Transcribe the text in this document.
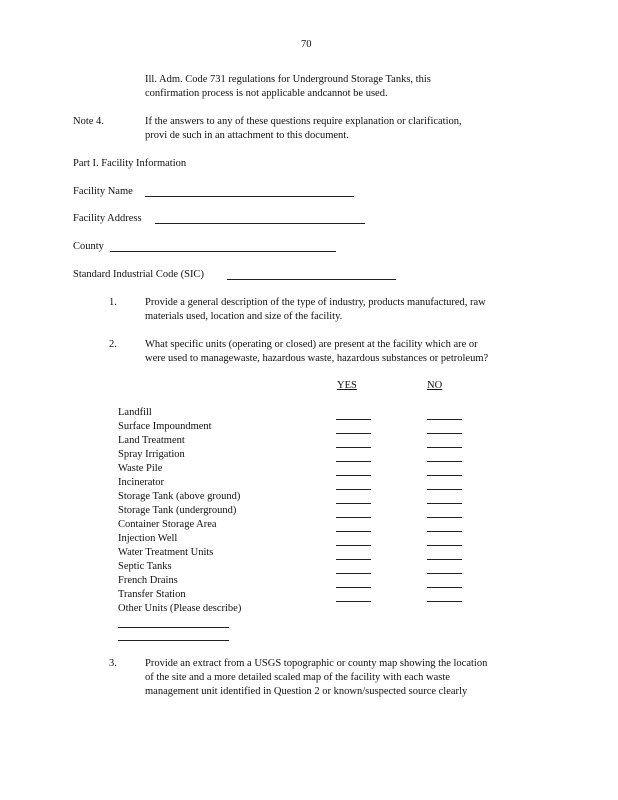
70
Ill. Adm. Code 731 regulations for Underground Storage Tanks, this
confirmation process is not applicable andcannot be used.
Note 4.	If the answers to any of these questions require explanation or clarification,
provi de such in an attachment to this document.
Part I. Facility Information
Facility Name
Facility Address
County
Standard Industrial Code (SIC)
1.	Provide a general description of the type of industry, products manufactured, raw
materials used, location and size of the facility.
2.	What specific units (operating or closed) are present at the facility which are or
were used to managewaste, hazardous waste, hazardous substances or petroleum?
YES	NO
Landfill
Surface Impoundment
Land Treatment
Spray Irrigation
Waste Pile
Incinerator
Storage Tank (above ground)
Storage Tank (underground)
Container Storage Area
Injection Well
Water Treatment Units
Septic Tanks
French Drains
Transfer Station
Other Units (Please describe)
3.	Provide an extract from a USGS topographic or county map showing the location
of the site and a more detailed scaled map of the facility with each waste
management unit identified in Question 2 or known/suspected source clearly
